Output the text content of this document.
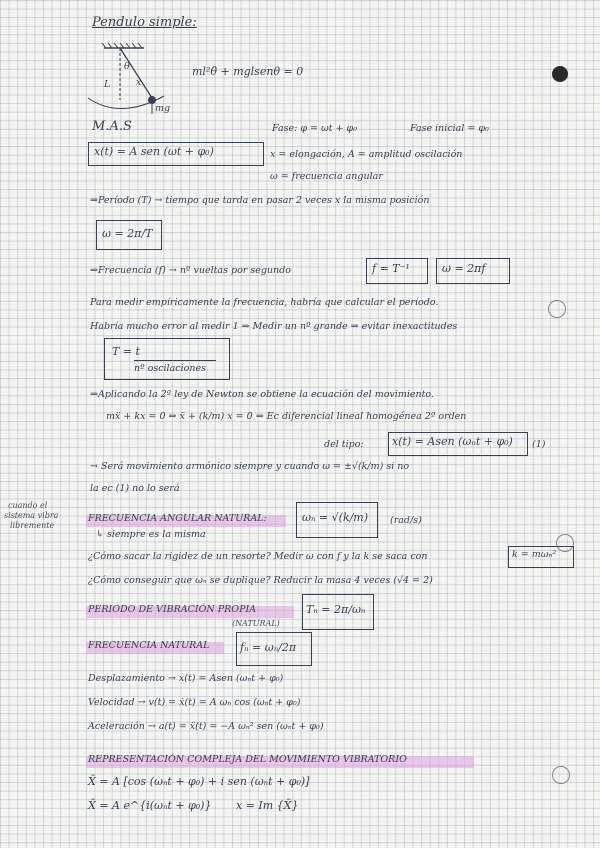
Pendulo simple:
L	x
θ
mg
ml²θ̈ + mglsenθ = 0
M.A.S
x(t) = A sen (ωt + φ₀)
Fase: φ = ωt + φ₀	Fase inicial = φ₀
x = elongación, A = amplitud oscilación
ω = frecuencia angular
⇒Período (T) → tiempo que tarda en pasar 2 veces x la misma posición
ω = 2π/T
⇒Frecuencia (f) → nº vueltas por segundo	f = T⁻¹	ω = 2πf
Para medir empíricamente la frecuencia, habría que calcular el período.
Habría mucho error al medir 1 ⇒ Medir un nº grande ⇒ evitar inexactitudes
T = t
nº oscilaciones
⇒Aplicando la 2ª ley de Newton se obtiene la ecuación del movimiento.
mẍ + kx = 0 ⇒ ẍ + (k/m) x = 0 ⇒ Ec diferencial lineal homogénea 2º orden
del tipo:	x(t) = Asen (ωₙt + φ₀) (1)
→ Será movimiento armónico siempre y cuando ω = ±√(k/m) si no
la ec (1) no lo será
cuando el
sistema vibra
libremente
FRECUENCIA ANGULAR NATURAL:	ωₙ = √(k/m) (rad/s)
↳ siempre es la misma
¿Cómo sacar la rigidez de un resorte? Medir ω con f y la k se saca con	k = mωₙ²
¿Cómo conseguir que ωₙ se duplique? Reducir la masa 4 veces (√4 = 2)
PERIODO DE VIBRACIÓN PROPIA
(NATURAL)
Tₙ = 2π/ωₙ
FRECUENCIA NATURAL	fₙ = ωₙ/2π
Desplazamiento → x(t) = Asen (ωₙt + φ₀)
Velocidad → v(t) = ẋ(t) = A ωₙ cos (ωₙt + φ₀)
Aceleración → a(t) = ẍ(t) = −A ωₙ² sen (ωₙt + φ₀)
REPRESENTACIÓN COMPLEJA DEL MOVIMIENTO VIBRATORIO
X̄ = A [cos (ωₙt + φ₀) + i sen (ωₙt + φ₀)]
X̄ = A e^{i(ωₙt + φ₀)} x = Im {X̄}
